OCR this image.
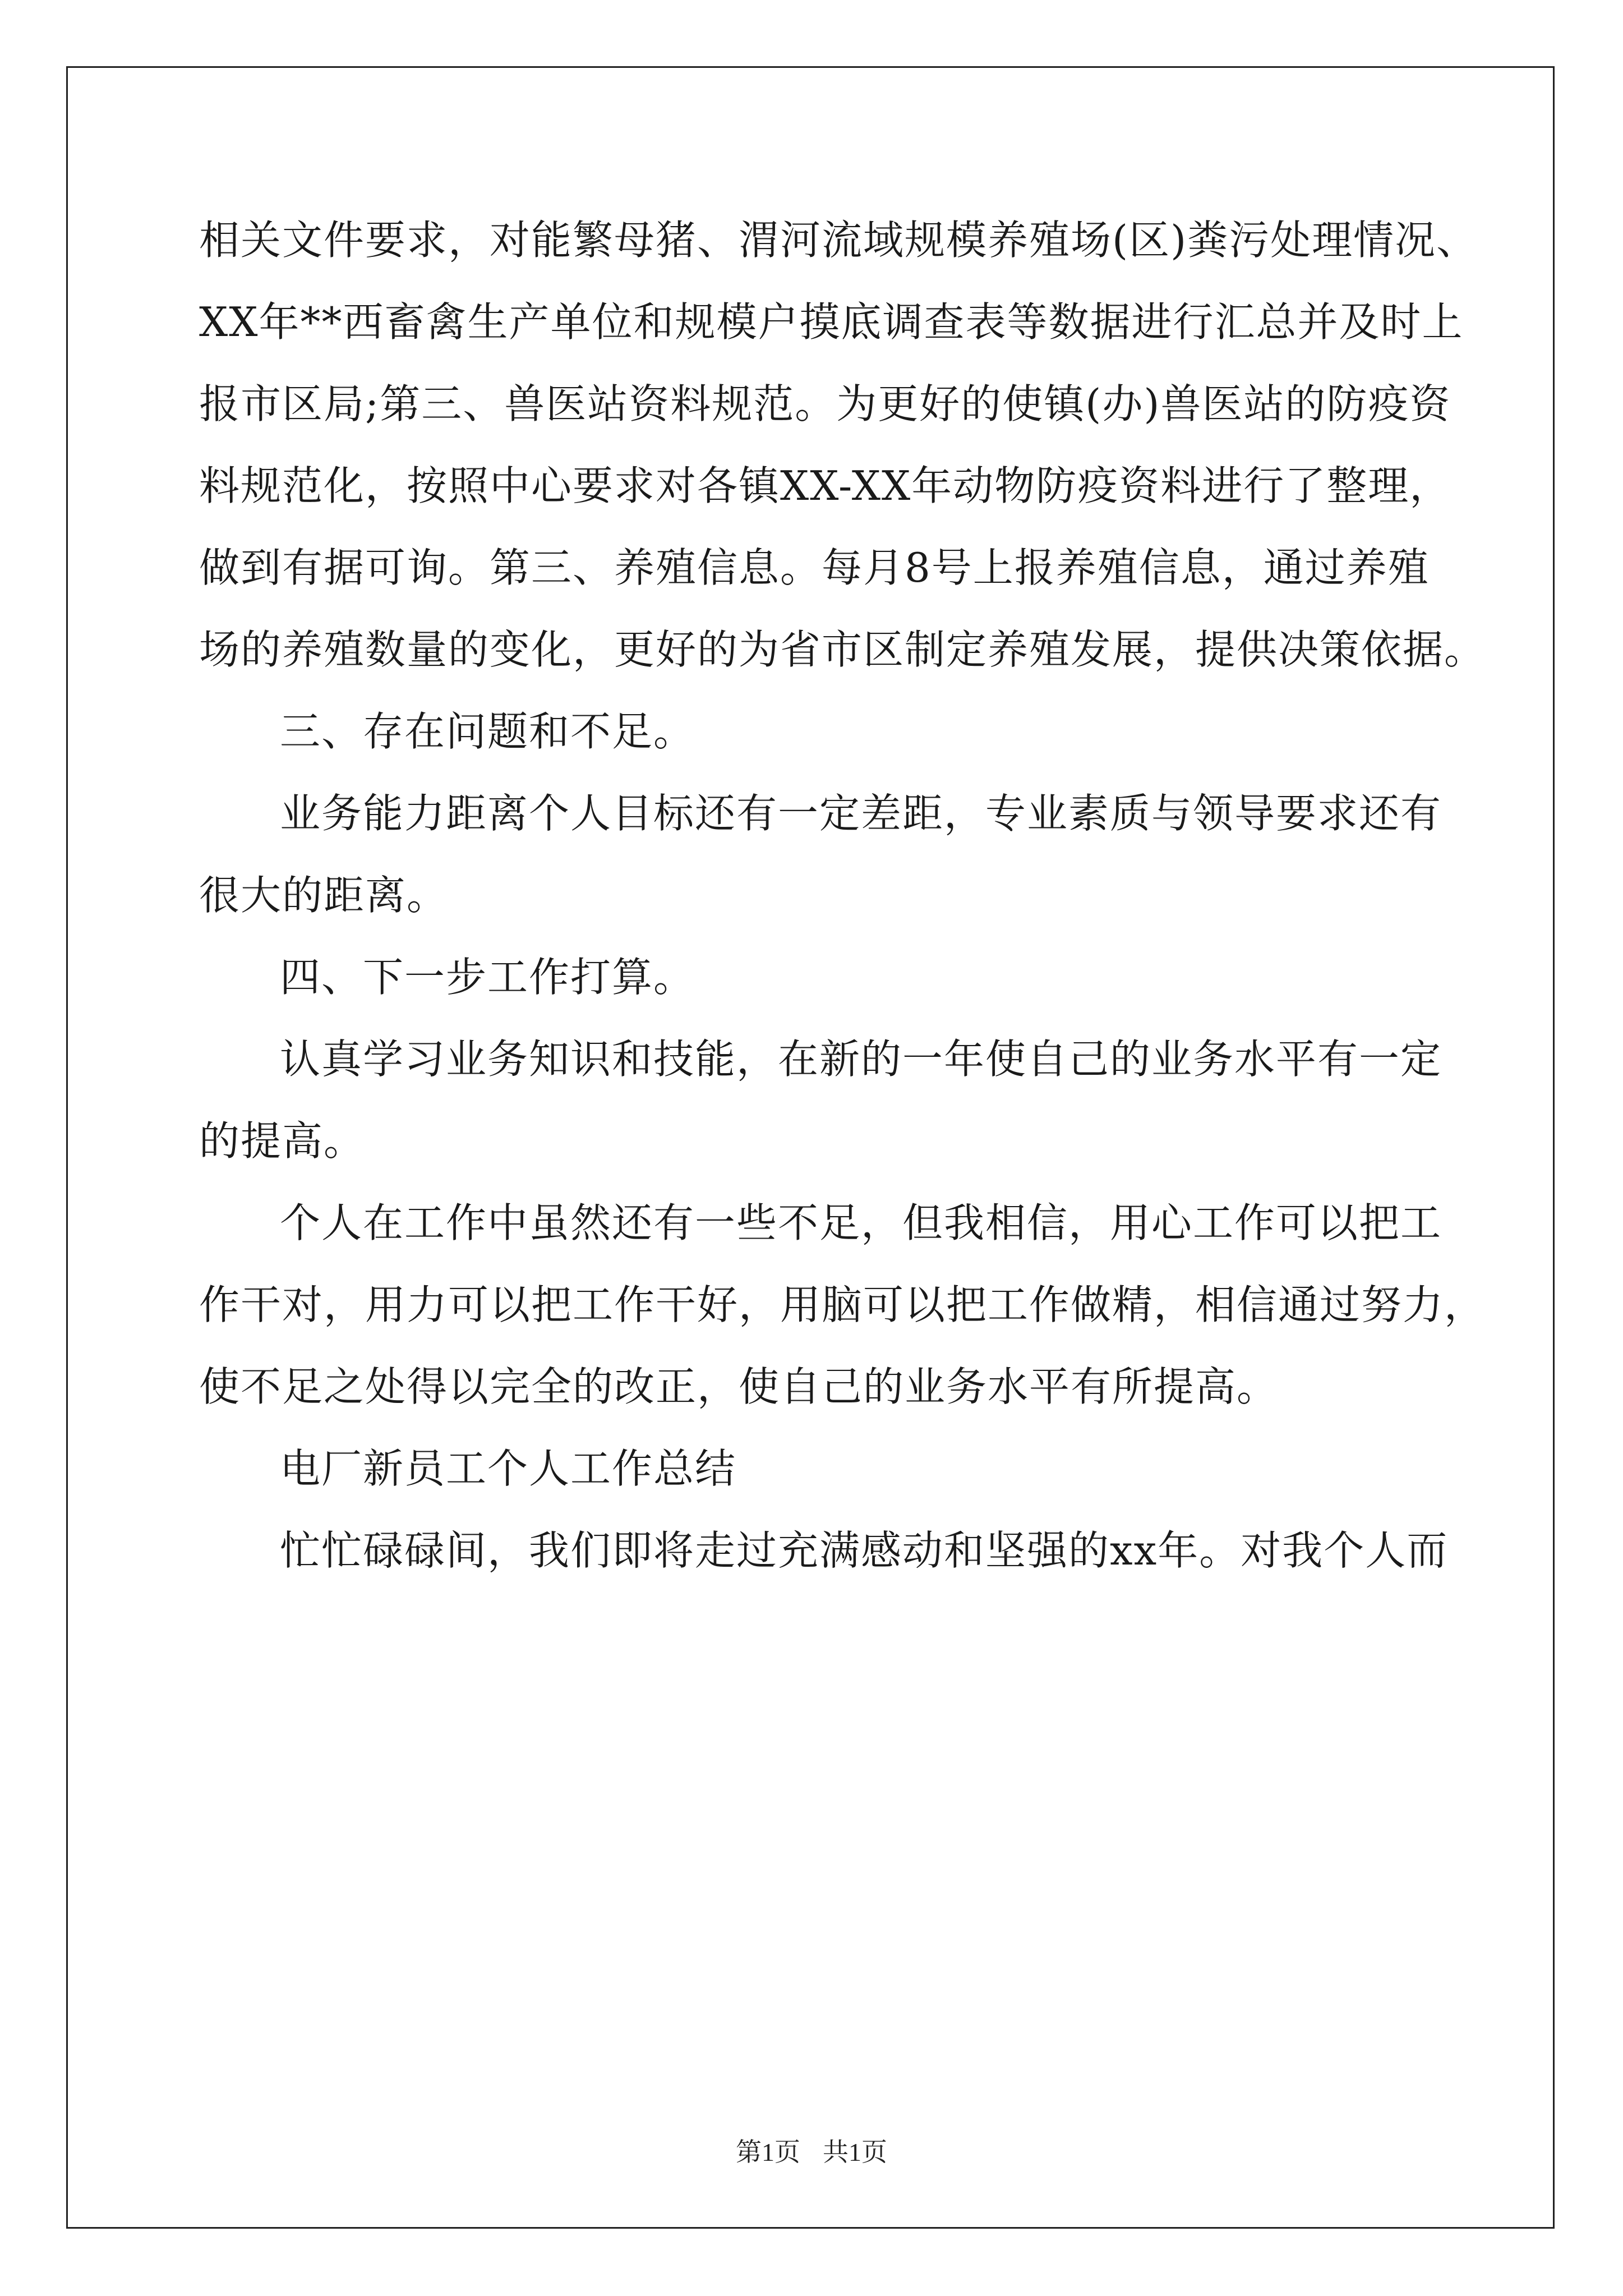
相关文件要求，对能繁母猪、渭河流域规模养殖场(区)粪污处理情况、
XX年**西畜禽生产单位和规模户摸底调查表等数据进行汇总并及时上
报市区局;第三、兽医站资料规范。为更好的使镇(办)兽医站的防疫资
料规范化，按照中心要求对各镇XX-XX年动物防疫资料进行了整理，
做到有据可询。第三、养殖信息。每月8号上报养殖信息，通过养殖
场的养殖数量的变化，更好的为省市区制定养殖发展，提供决策依据。
三、存在问题和不足。
业务能力距离个人目标还有一定差距，专业素质与领导要求还有
很大的距离。
四、下一步工作打算。
认真学习业务知识和技能，在新的一年使自己的业务水平有一定
的提高。
个人在工作中虽然还有一些不足，但我相信，用心工作可以把工
作干对，用力可以把工作干好，用脑可以把工作做精，相信通过努力，
使不足之处得以完全的改正，使自己的业务水平有所提高。
电厂新员工个人工作总结
忙忙碌碌间，我们即将走过充满感动和坚强的xx年。对我个人而
第1页 共1页
